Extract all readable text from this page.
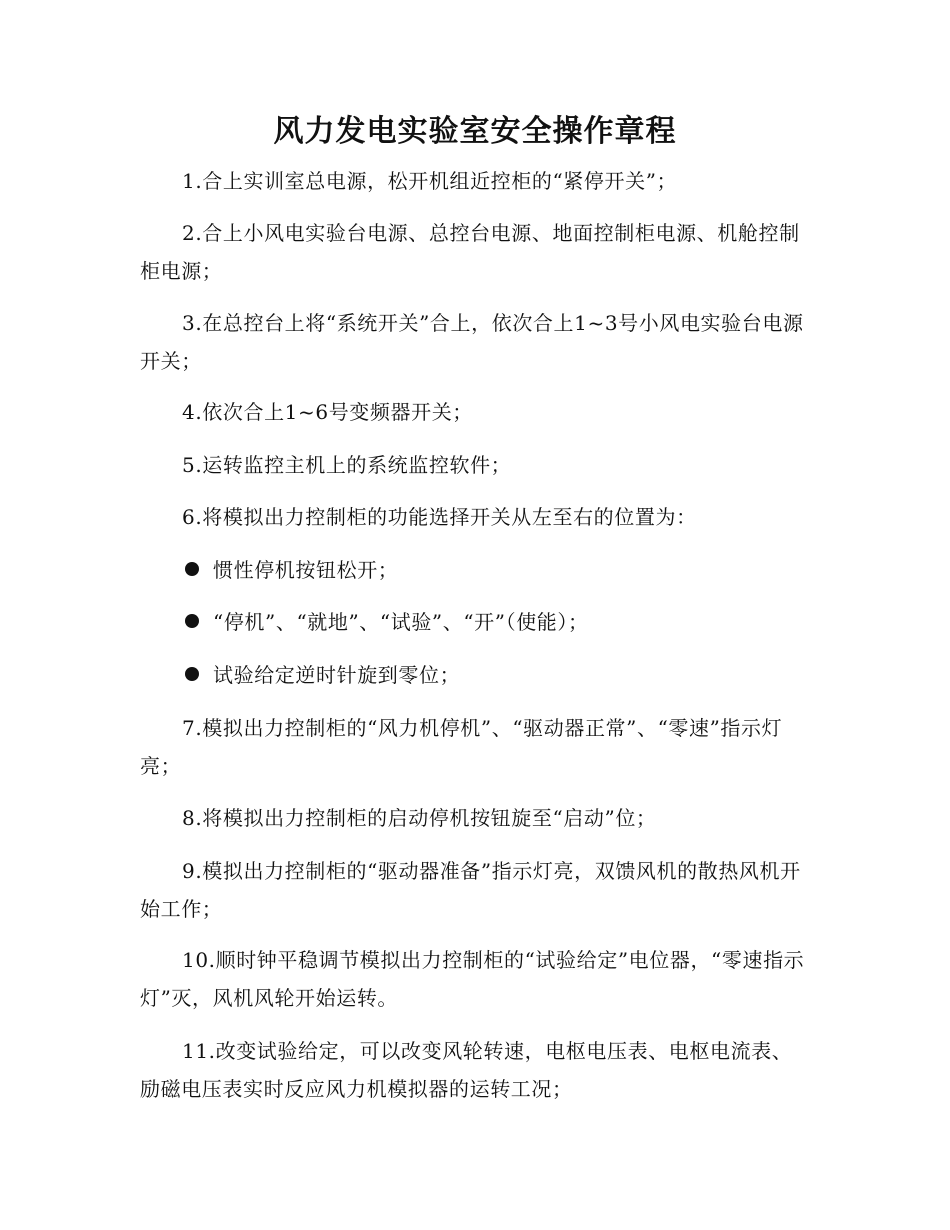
风力发电实验室安全操作章程

1.合上实训室总电源，松开机组近控柜的“紧停开关”；

2.合上小风电实验台电源、总控台电源、地面控制柜电源、机舱控制柜电源；

3.在总控台上将“系统开关”合上，依次合上1~3号小风电实验台电源开关；

4.依次合上1~6号变频器开关；

5.运转监控主机上的系统监控软件；

6.将模拟出力控制柜的功能选择开关从左至右的位置为：

惯性停机按钮松开；

“停机”、“就地”、“试验”、“开”（使能）；

试验给定逆时针旋到零位；

7.模拟出力控制柜的“风力机停机”、“驱动器正常”、“零速”指示灯亮；

8.将模拟出力控制柜的启动停机按钮旋至“启动”位；

9.模拟出力控制柜的“驱动器准备”指示灯亮，双馈风机的散热风机开始工作；

10.顺时钟平稳调节模拟出力控制柜的“试验给定”电位器，“零速指示灯”灭，风机风轮开始运转。

11.改变试验给定，可以改变风轮转速，电枢电压表、电枢电流表、励磁电压表实时反应风力机模拟器的运转工况；
